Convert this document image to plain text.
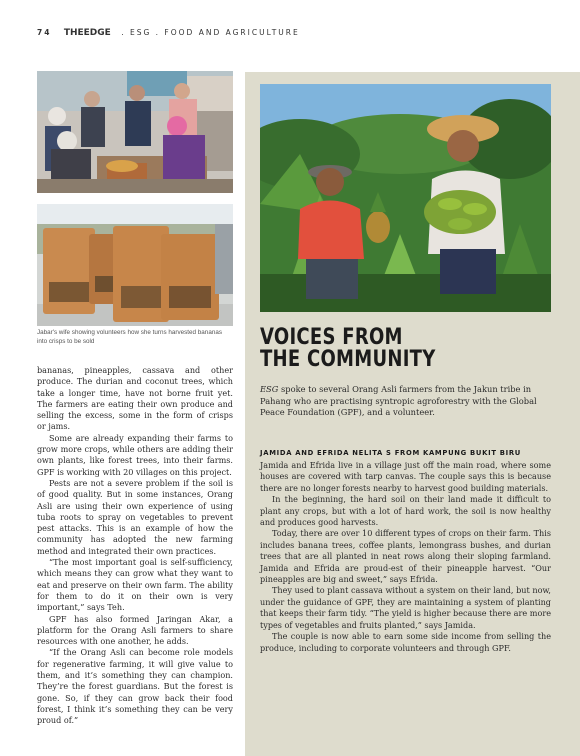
74 THEEDGE . ESG . FOOD AND AGRICULTURE
Jabar's wife showing volunteers how she turns harvested bananas into crisps to be sold

bananas, pineapples, cassava and other produce. The durian and coconut trees, which take a longer time, have not borne fruit yet. The farmers are eating their own produce and selling the excess, some in the form of crisps or jams.

Some are already expanding their farms to grow more crops, while others are adding their own plants, like forest trees, into their farms. GPF is working with 20 villages on this project.

Pests are not a severe problem if the soil is of good quality. But in some instances, Orang Asli are using their own experience of using tuba roots to spray on vegetables to prevent pest attacks. This is an example of how the community has adopted the new farming method and integrated their own practices.

“The most important goal is self-sufficiency, which means they can grow what they want to eat and preserve on their own farm. The ability for them to do it on their own is very important,” says Teh.

GPF has also formed Jaringan Akar, a platform for the Orang Asli farmers to share resources with one another, he adds.

“If the Orang Asli can become role models for regenerative farming, it will give value to them, and it’s something they can champion. They’re the forest guardians. But the forest is gone. So, if they can grow back their food forest, I think it’s something they can be very proud of.”

VOICES FROM
THE COMMUNITY
ESG spoke to several Orang Asli farmers from the Jakun tribe in Pahang who are practising syntropic agroforestry with the Global Peace Foundation (GPF), and a volunteer.
JAMIDA AND EFRIDA NELITA S FROM KAMPUNG BUKIT BIRU

Jamida and Efrida live in a village just off the main road, where some houses are covered with tarp canvas. The couple says this is because there are no longer forests nearby to harvest good building materials.

In the beginning, the hard soil on their land made it difficult to plant any crops, but with a lot of hard work, the soil is now healthy and produces good harvests.

Today, there are over 10 different types of crops on their farm. This includes banana trees, coffee plants, lemongrass bushes, and durian trees that are all planted in neat rows along their sloping farmland. Jamida and Efrida are proud-est of their pineapple harvest. “Our pineapples are big and sweet,” says Efrida.

They used to plant cassava without a system on their land, but now, under the guidance of GPF, they are maintaining a system of planting that keeps their farm tidy. “The yield is higher because there are more types of vegetables and fruits planted,” says Jamida.

The couple is now able to earn some side income from selling the produce, including to corporate volunteers and through GPF.
